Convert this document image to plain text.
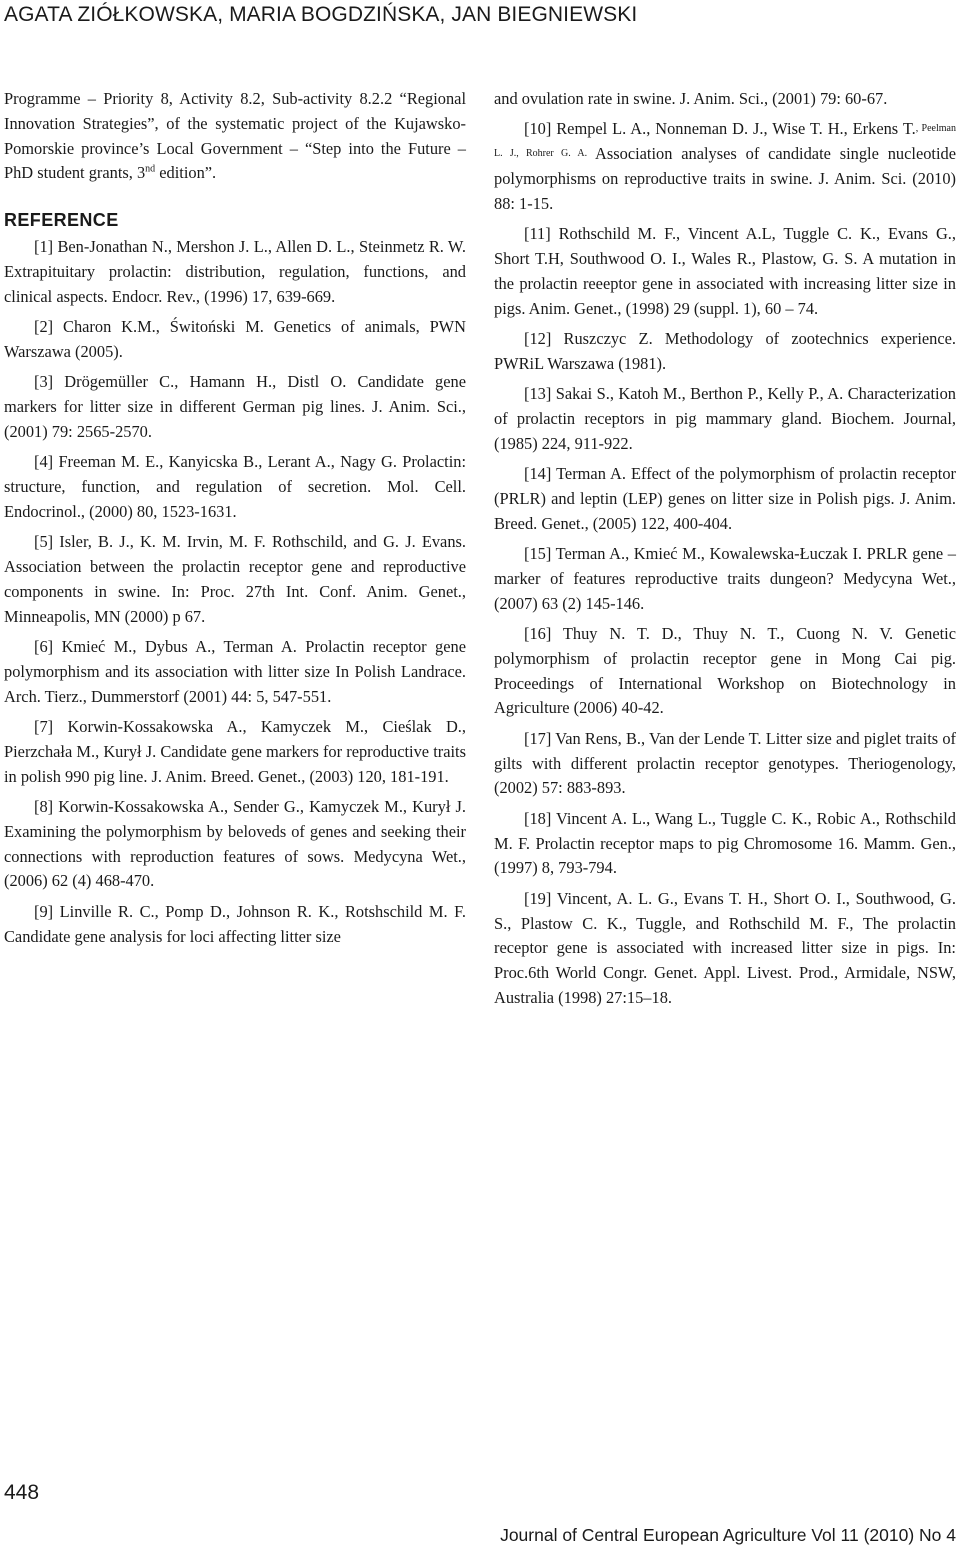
AGATA ZIÓŁKOWSKA, MARIA BOGDZIŃSKA, JAN BIEGNIEWSKI

Programme – Priority 8, Activity 8.2, Sub-activity 8.2.2 “Regional Innovation Strategies”, of the systematic project of the Kujawsko-Pomorskie province’s Local Government – “Step into the Future – PhD student grants, 3nd edition”.

REFERENCE

[1] Ben-Jonathan N., Mershon J. L., Allen D. L., Steinmetz R. W. Extrapituitary prolactin: distribution, regulation, functions, and clinical aspects. Endocr. Rev., (1996) 17, 639-669.

[2] Charon K.M., Świtoński M. Genetics of animals, PWN Warszawa (2005).

[3] Drögemüller C., Hamann H., Distl O. Candidate gene markers for litter size in different German pig lines. J. Anim. Sci., (2001) 79: 2565-2570.

[4] Freeman M. E., Kanyicska B., Lerant A., Nagy G. Prolactin: structure, function, and regulation of secretion. Mol. Cell. Endocrinol., (2000) 80, 1523-1631.

[5] Isler, B. J., K. M. Irvin, M. F. Rothschild, and G. J. Evans. Association between the prolactin receptor gene and reproductive components in swine. In: Proc. 27th Int. Conf. Anim. Genet., Minneapolis, MN (2000) p 67.

[6] Kmieć M., Dybus A., Terman A. Prolactin receptor gene polymorphism and its association with litter size In Polish Landrace. Arch. Tierz., Dummerstorf (2001) 44: 5, 547-551.

[7] Korwin-Kossakowska A., Kamyczek M., Cieślak D., Pierzchała M., Kurył J. Candidate gene markers for reproductive traits in polish 990 pig line. J. Anim. Breed. Genet., (2003) 120, 181-191.

[8] Korwin-Kossakowska A., Sender G., Kamyczek M., Kurył J. Examining the polymorphism by beloveds of genes and seeking their connections with reproduction features of sows. Medycyna Wet., (2006) 62 (4) 468-470.

[9] Linville R. C., Pomp D., Johnson R. K., Rotshschild M. F. Candidate gene analysis for loci affecting litter size

and ovulation rate in swine. J. Anim. Sci., (2001) 79: 60-67.

[10] Rempel L. A., Nonneman D. J., Wise T. H., Erkens T., Peelman L. J., Rohrer G. A. Association analyses of candidate single nucleotide polymorphisms on reproductive traits in swine. J. Anim. Sci. (2010) 88: 1-15.

[11] Rothschild M. F., Vincent A.L, Tuggle C. K., Evans G., Short T.H, Southwood O. I., Wales R., Plastow, G. S. A mutation in the prolactin reeeptor gene in associated with increasing litter size in pigs. Anim. Genet., (1998) 29 (suppl. 1), 60 – 74.

[12] Ruszczyc Z. Methodology of zootechnics experience. PWRiL Warszawa (1981).

[13] Sakai S., Katoh M., Berthon P., Kelly P., A. Characterization of prolactin receptors in pig mammary gland. Biochem. Journal, (1985) 224, 911-922.

[14] Terman A. Effect of the polymorphism of prolactin receptor (PRLR) and leptin (LEP) genes on litter size in Polish pigs. J. Anim. Breed. Genet., (2005) 122, 400-404.

[15] Terman A., Kmieć M., Kowalewska-Łuczak I. PRLR gene – marker of features reproductive traits dungeon? Medycyna Wet., (2007) 63 (2) 145-146.

[16] Thuy N. T. D., Thuy N. T., Cuong N. V. Genetic polymorphism of prolactin receptor gene in Mong Cai pig. Proceedings of International Workshop on Biotechnology in Agriculture (2006) 40-42.

[17] Van Rens, B., Van der Lende T. Litter size and piglet traits of gilts with different prolactin receptor genotypes. Theriogenology, (2002) 57: 883-893.

[18] Vincent A. L., Wang L., Tuggle C. K., Robic A., Rothschild M. F. Prolactin receptor maps to pig Chromosome 16. Mamm. Gen., (1997) 8, 793-794.

[19] Vincent, A. L. G., Evans T. H., Short O. I., Southwood, G. S., Plastow C. K., Tuggle, and Rothschild M. F., The prolactin receptor gene is associated with increased litter size in pigs. In: Proc.6th World Congr. Genet. Appl. Livest. Prod., Armidale, NSW, Australia (1998) 27:15–18.

448
Journal of Central European Agriculture Vol 11 (2010) No 4
